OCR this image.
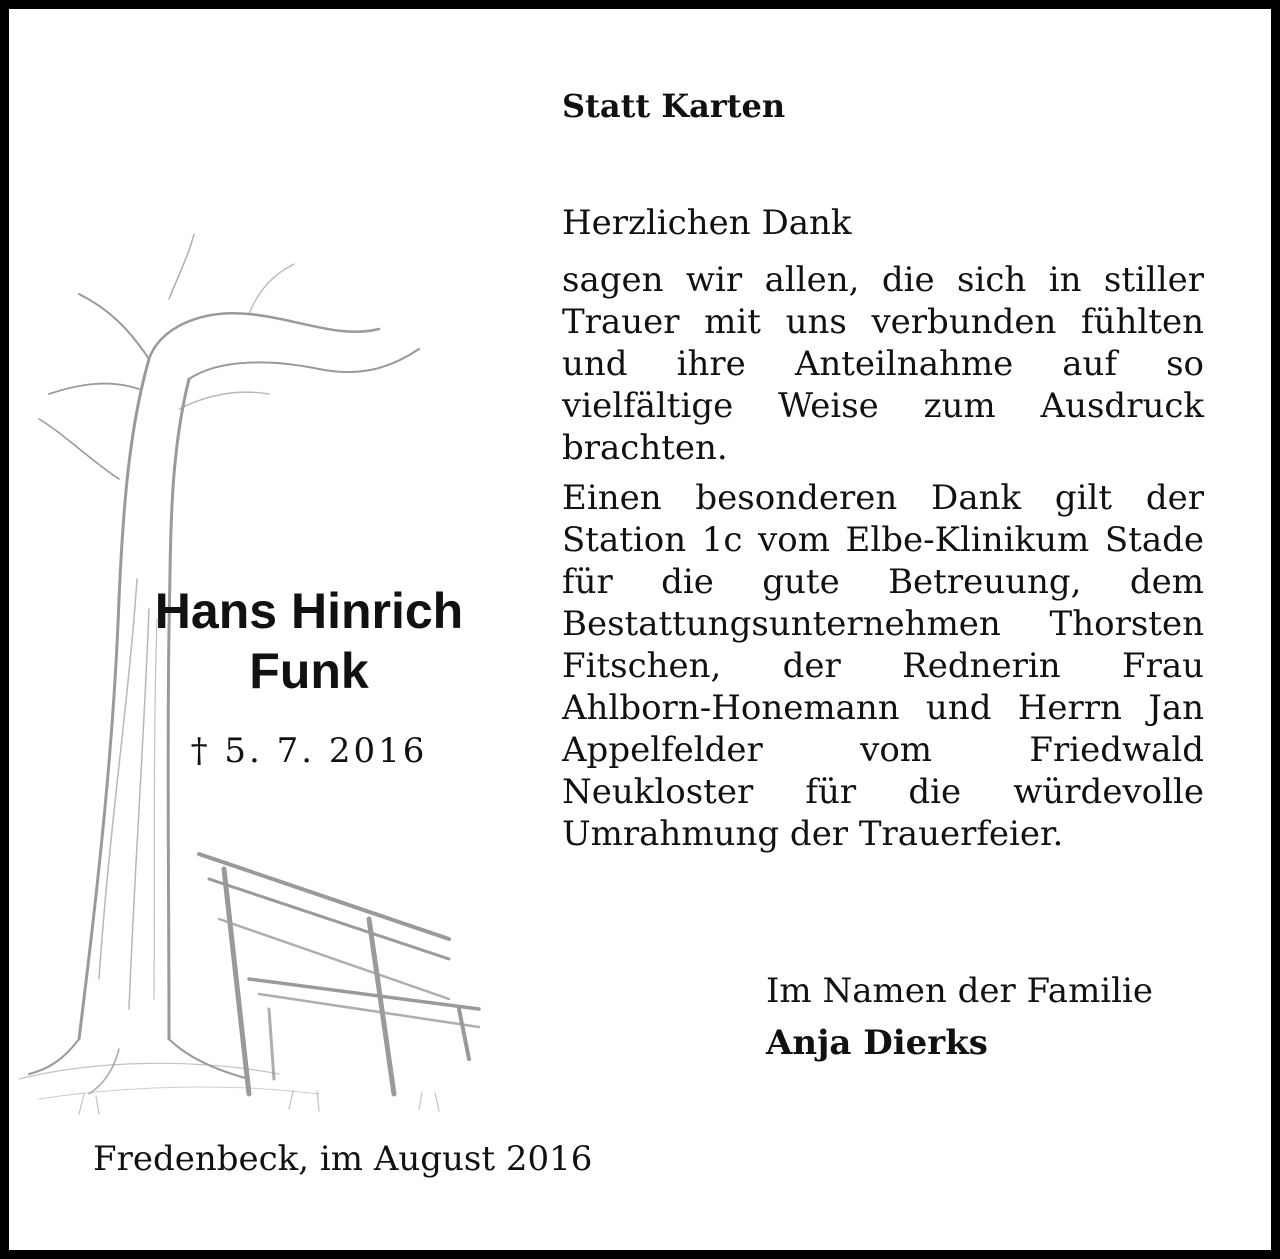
Statt Karten
Herzlichen Dank
sagen wir allen, die sich in stiller Trauer mit uns verbunden fühlten und ihre Anteilnahme auf so vielfältige Weise zum Ausdruck brachten.
Einen besonderen Dank gilt der Station 1c vom Elbe-Klinikum Stade für die gute Betreuung, dem Bestattungsunternehmen Thorsten Fitschen, der Rednerin Frau Ahlborn-Honemann und Herrn Jan Appelfelder vom Friedwald Neukloster für die würdevolle Umrahmung der Trauerfeier.
Hans Hinrich
Funk
† 5. 7. 2016
Im Namen der Familie
Anja Dierks
Fredenbeck, im August 2016
